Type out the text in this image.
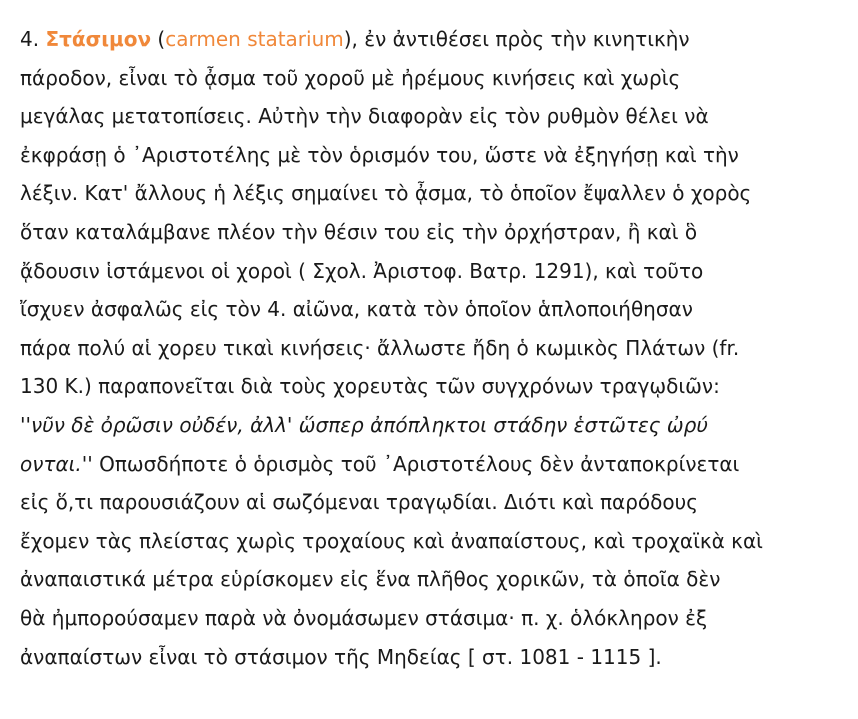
4. Στάσιμον (carmen statarium), ἐν ἀντιθέσει πρὸς τὴν κινητικὴν
πάροδον, εἶναι τὸ ᾆσμα τοῦ χοροῦ μὲ ἠρέμους κινήσεις καὶ χωρὶς
μεγάλας μετατοπίσεις. Αὐτὴν τὴν διαφορὰν εἰς τὸν ρυθμὸν θέλει νὰ
ἐκφράσῃ ὁ ᾿Αριστοτέλης μὲ τὸν ὁρισμόν του, ὥστε νὰ ἐξηγήσῃ καὶ τὴν
λέξιν. Κατ' ἄλλους ἡ λέξις σημαίνει τὸ ᾆσμα, τὸ ὁποῖον ἔψαλλεν ὁ χορὸς
ὅταν καταλάμβανε πλέον τὴν θέσιν του εἰς τὴν ὀρχήστραν, ἢ καὶ ὃ
ᾄδουσιν ἱστάμενοι οἱ χοροὶ ( Σχολ. Ἀριστοφ. Βατρ. 1291), καὶ τοῦτο
ἴσχυεν ἀσφαλῶς εἰς τὸν 4. αἰῶνα, κατὰ τὸν ὁποῖον ἁπλοποιήθησαν
πάρα πολύ αἱ χορευ τικαὶ κινήσεις· ἄλλωστε ἤδη ὁ κωμικὸς Πλάτων (fr.
130 K.) παραπονεῖται διὰ τοὺς χορευτὰς τῶν συγχρόνων τραγῳδιῶν:
''νῦν δὲ ὀρῶσιν οὐδέν, ἀλλ' ὥσπερ ἀπόπληκτοι στάδην ἑστῶτες ὠρύ
ονται.'' Οπωσδήποτε ὁ ὁρισμὸς τοῦ ᾿Αριστοτέλους δὲν ἀνταποκρίνεται
εἰς ὅ,τι παρουσιάζουν αἱ σωζόμεναι τραγῳδίαι. Διότι καὶ παρόδους
ἔχομεν τὰς πλείστας χωρὶς τροχαίους καὶ ἀναπαίστους, καὶ τροχαϊκὰ καὶ
ἀναπαιστικά μέτρα εὑρίσκομεν εἰς ἕνα πλῆθος χορικῶν, τὰ ὁποῖα δὲν
θὰ ἠμπορούσαμεν παρὰ νὰ ὀνομάσωμεν στάσιμα· π. χ. ὁλόκληρον ἐξ
ἀναπαίστων εἶναι τὸ στάσιμον τῆς Μηδείας [ στ. 1081 - 1115 ].
